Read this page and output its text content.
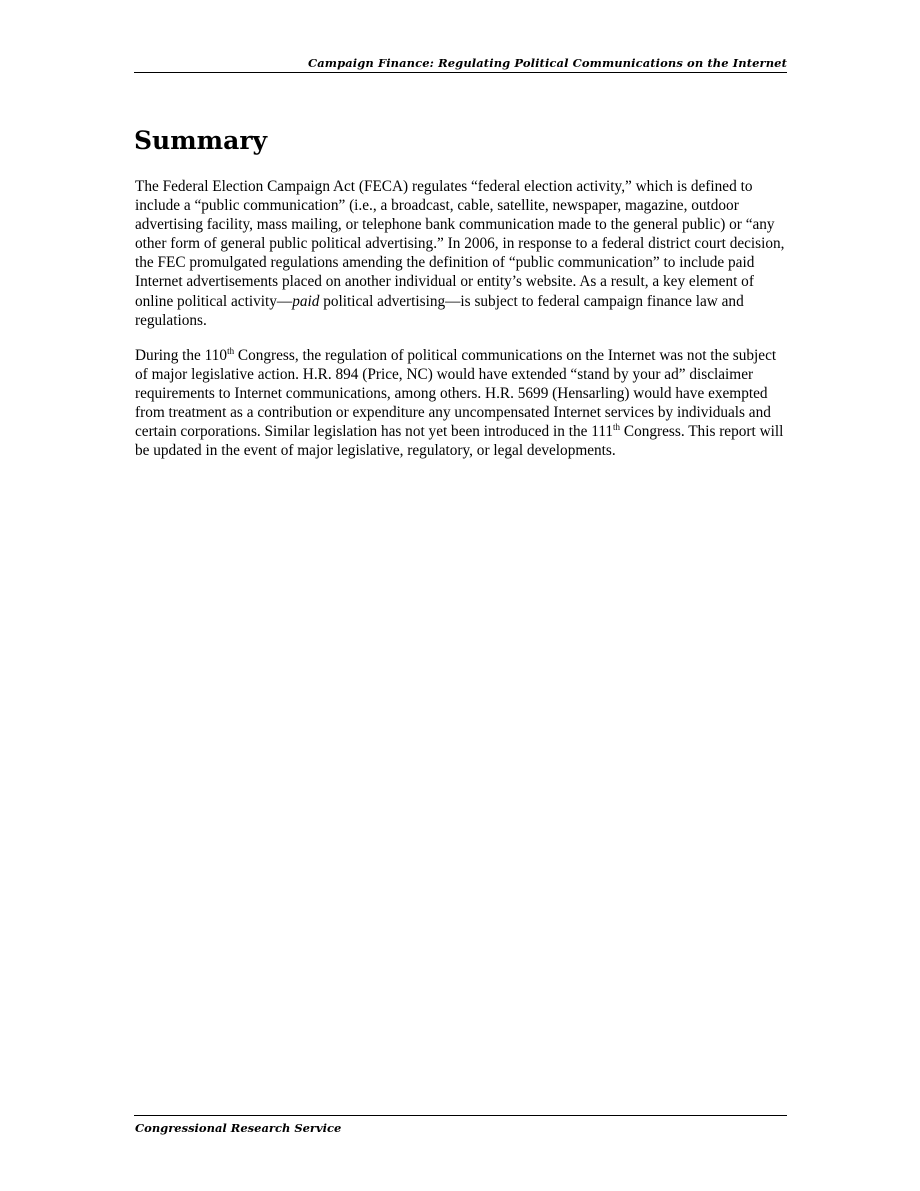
Campaign Finance: Regulating Political Communications on the Internet
Summary

The Federal Election Campaign Act (FECA) regulates “federal election activity,” which is defined to include a “public communication” (i.e., a broadcast, cable, satellite, newspaper, magazine, outdoor advertising facility, mass mailing, or telephone bank communication made to the general public) or “any other form of general public political advertising.” In 2006, in response to a federal district court decision, the FEC promulgated regulations amending the definition of “public communication” to include paid Internet advertisements placed on another individual or entity’s website. As a result, a key element of online political activity—paid political advertising—is subject to federal campaign finance law and regulations.

During the 110th Congress, the regulation of political communications on the Internet was not the subject of major legislative action. H.R. 894 (Price, NC) would have extended “stand by your ad” disclaimer requirements to Internet communications, among others. H.R. 5699 (Hensarling) would have exempted from treatment as a contribution or expenditure any uncompensated Internet services by individuals and certain corporations. Similar legislation has not yet been introduced in the 111th Congress. This report will be updated in the event of major legislative, regulatory, or legal developments.

Congressional Research Service
